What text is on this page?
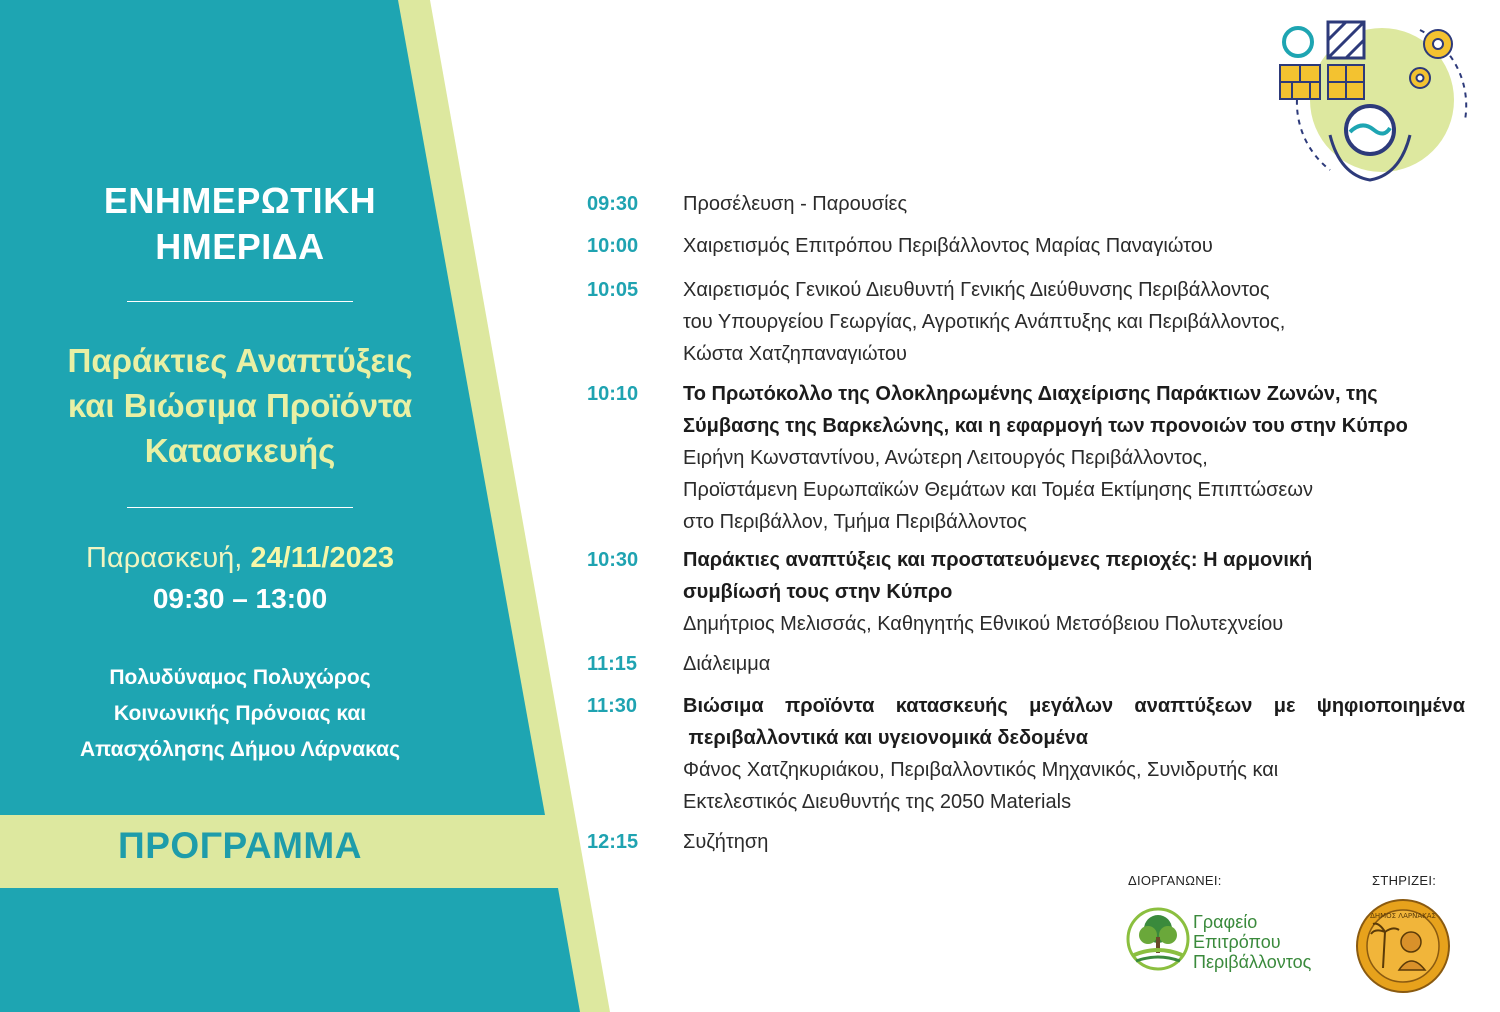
ΕΝΗΜΕΡΩΤΙΚΗ
ΗΜΕΡΙΔΑ
Παράκτιες Αναπτύξεις
και Βιώσιμα Προϊόντα
Κατασκευής
Παρασκευή, 24/11/2023
09:30 – 13:00
Πολυδύναμος Πολυχώρος
Κοινωνικής Πρόνοιας και
Απασχόλησης Δήμου Λάρνακας
ΠΡΟΓΡΑΜΜΑ
09:30	Προσέλευση - Παρουσίες
10:00	Χαιρετισμός Επιτρόπου Περιβάλλοντος Μαρίας Παναγιώτου
10:05	Χαιρετισμός Γενικού Διευθυντή Γενικής Διεύθυνσης Περιβάλλοντος
του Υπουργείου Γεωργίας, Αγροτικής Ανάπτυξης και Περιβάλλοντος,
Κώστα Χατζηπαναγιώτου
10:10	Το Πρωτόκολλο της Ολοκληρωμένης Διαχείρισης Παράκτιων Ζωνών, της
Σύμβασης της Βαρκελώνης, και η εφαρμογή των προνοιών του στην Κύπρο
Ειρήνη Κωνσταντίνου, Ανώτερη Λειτουργός Περιβάλλοντος,
Προϊστάμενη Ευρωπαϊκών Θεμάτων και Τομέα Εκτίμησης Επιπτώσεων
στο Περιβάλλον, Τμήμα Περιβάλλοντος
10:30	Παράκτιες αναπτύξεις και προστατευόμενες περιοχές: Η αρμονική
συμβίωσή τους στην Κύπρο
Δημήτριος Μελισσάς, Καθηγητής Εθνικού Μετσόβειου Πολυτεχνείου
11:15	Διάλειμμα
11:30	Βιώσιμα προϊόντα κατασκευής μεγάλων αναπτύξεων με ψηφιοποιημένα
περιβαλλοντικά και υγειονομικά δεδομένα
Φάνος Χατζηκυριάκου, Περιβαλλοντικός Μηχανικός, Συνιδρυτής και
Εκτελεστικός Διευθυντής της 2050 Materials
12:15	Συζήτηση
ΔΙΟΡΓΑΝΩΝΕΙ:	ΣΤΗΡΙΖΕΙ:
Γραφείο
Επιτρόπου
Περιβάλλοντος
ΔΗΜΟΣ ΛΑΡΝΑΚΑΣ
